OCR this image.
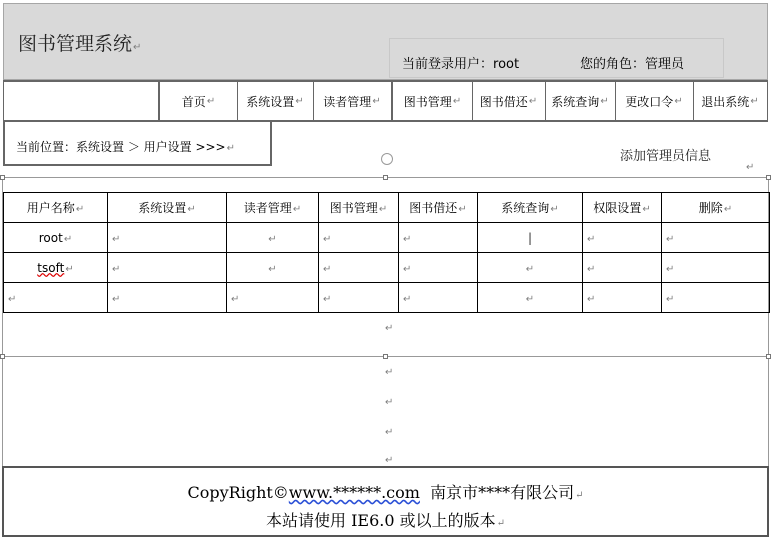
图书管理系统↵
当前登录用户：root	您的角色：管理员
首页 ↵	系统设置 ↵ 读者管理 ↵ 图书管理 ↵ 图书借还 ↵ 系统查询 ↵ 更改口令 ↵ 退出系统 ↵
当前位置：系统设置 ＞ 用户设置 >>>↵
添加管理员信息
↵
用户名称↵	系统设置↵	读者管理↵	图书管理↵	图书借还↵	系统查询↵	权限设置↵	删除↵
root↵	↵	↵	↵	↵	|	↵	↵
tsoft↵	↵	↵	↵	↵	↵	↵	↵
↵	↵	↵	↵	↵	↵	↵	↵
↵
↵
↵
↵
↵
CopyRight©www.******.com 南京市****有限公司↵
本站请使用 IE6.0 或以上的版本↵
